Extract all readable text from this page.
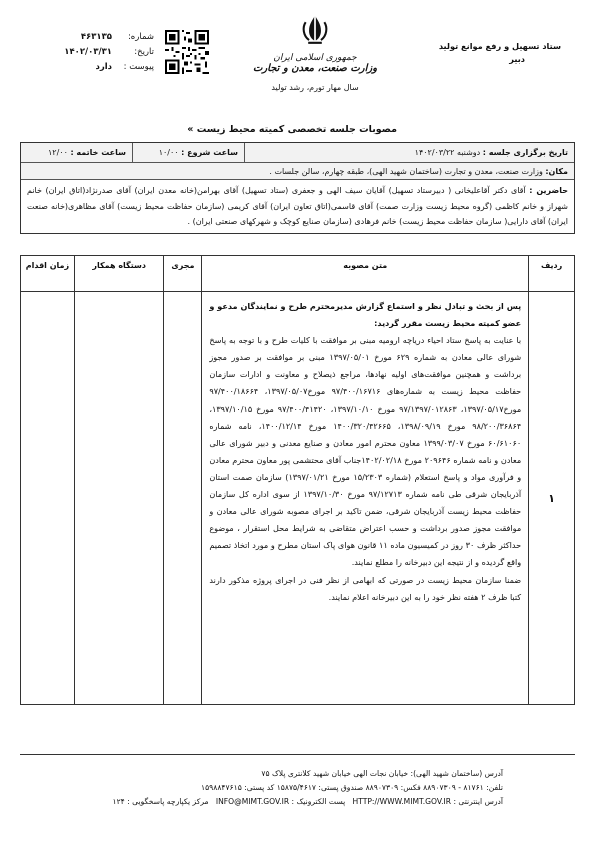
ستاد تسهیل و رفع موانع تولید
دبیر
جمهوری اسلامی ایران
وزارت صنعت، معدن و تجارت
سال مهار تورم، رشد تولید
شماره:
۴۶۳۱۳۵
تاریخ:
۱۴۰۲/۰۳/۳۱
پیوست :
دارد
مصوبات جلسه تخصصی کمیته محیط زیست »
تاریخ برگزاری جلسه :

دوشنبه ۱۴۰۲/۰۳/۲۲
ساعت شروع :

۱۰/۰۰
ساعت خاتمه :

۱۲/۰۰
مکان:

وزارت صنعت، معدن و تجارت (ساختمان شهید الهی)، طبقه چهارم، سالن جلسات .
حاضرین : آقای دکتر آقاعلیخانی ( دبیرستاد تسهیل) آقایان سیف الهی و جعفری (ستاد تسهیل) آقای بهرامن(خانه معدن ایران) آقای صدرنژاد(اتاق ایران) خانم شهراز و خانم کاظمی (گروه محیط زیست وزارت صمت) آقای قاسمی(اتاق تعاون ایران) آقای کریمی (سازمان حفاظت محیط زیست) آقای مظاهری(خانه صنعت ایران) آقای دارایی( سازمان حفاظت محیط زیست) خانم فرهادی (سازمان صنایع کوچک و شهرکهای صنعتی ایران) .
ردیف
متن مصوبه
مجری
دستگاه همکار
زمان اقدام
۱

پس از بحث و تبادل نظر و استماع گزارش مدیرمحترم طرح و نمایندگان مدعو و عضو کمیته محیط زیست مقرر گردید:

با عنایت به پاسخ ستاد احیاء دریاچه ارومیه مبنی بر موافقت با کلیات طرح و با توجه به پاسخ شورای عالی معادن به شماره ۶۲۹ مورخ ۱۳۹۷/۰۵/۰۱ مبنی بر موافقت بر صدور مجوز برداشت و همچنین موافقت‌های اولیه نهادها، مراجع ذیصلاح و معاونت و ادارات سازمان حفاظت محیط زیست به شماره‌های ۹۷/۴۰۰/۱۶۷۱۶ مورخ۱۳۹۷/۰۵/۰۷، ۹۷/۴۰۰/۱۸۶۶۴ مورخ۱۳۹۷/۰۵/۱۷، ۹۷/۱۳۹۷/۰۱۲۸۶۳ مورخ ۱۳۹۷/۱۰/۱۰، ۹۷/۴۰۰/۴۱۴۲۰ مورخ ۱۳۹۷/۱۰/۱۵، ۹۸/۲۰۰/۳۶۸۶۴ مورخ ۱۳۹۸/۰۹/۱۹، ۱۴۰۰/۳۲۰/۴۲۶۶۵ مورخ ۱۴۰۰/۱۲/۱۴، نامه شماره ۶۰/۶۱۰۶۰ مورخ ۱۳۹۹/۰۳/۰۷ معاون محترم امور معادن و صنایع معدنی و دبیر شورای عالی معادن و نامه شماره ۲۰۹۶۴۶ مورخ ۱۴۰۲/۰۲/۱۸جناب آقای محتشمی پور معاون محترم معادن و فرآوری مواد و پاسخ استعلام (شماره ۱۵/۲۳۰۳ مورخ ۱۳۹۷/۰۱/۲۱) سازمان صمت استان آذربایجان شرقی طی نامه شماره ۹۷/۱۲۷۱۳ مورخ ۱۳۹۷/۱۰/۳۰ از سوی اداره کل سازمان حفاظت محیط زیست آذربایجان شرقی، ضمن تاکید بر اجرای مصوبه شورای عالی معادن و موافقت مجوز صدور برداشت و حسب اعتراض متقاضی به شرایط محل استقرار ، موضوع حداکثر ظرف ۳۰ روز در کمیسیون ماده ۱۱ قانون هوای پاک استان مطرح و مورد اتخاذ تصمیم واقع گردیده و از نتیجه این دبیرخانه را مطلع نمایند.

ضمنا سازمان محیط زیست در صورتی که ابهامی از نظر فنی در اجرای پروژه مذکور دارند کتبا ظرف ۲ هفته نظر خود را به این دبیرخانه اعلام نمایند.

آدرس (ساختمان شهید الهی): خیابان نجات الهی خیابان شهید کلانتری پلاک ۷۵
تلفن: ۸۱۷۶۱ - ۸۸۹۰۷۳۰۹ فکس: ۸۸۹۰۷۳۰۹ صندوق پستی: ۱۵۸۷۵/۴۶۱۷ کد پستی: ۱۵۹۸۸۴۷۶۱۵
آدرس اینترنتی : HTTP://WWW.MIMT.GOV.IR   پست الکترونیک : INFO@MIMT.GOV.IR   مرکز یکپارچه پاسخگویی : ۱۲۴
